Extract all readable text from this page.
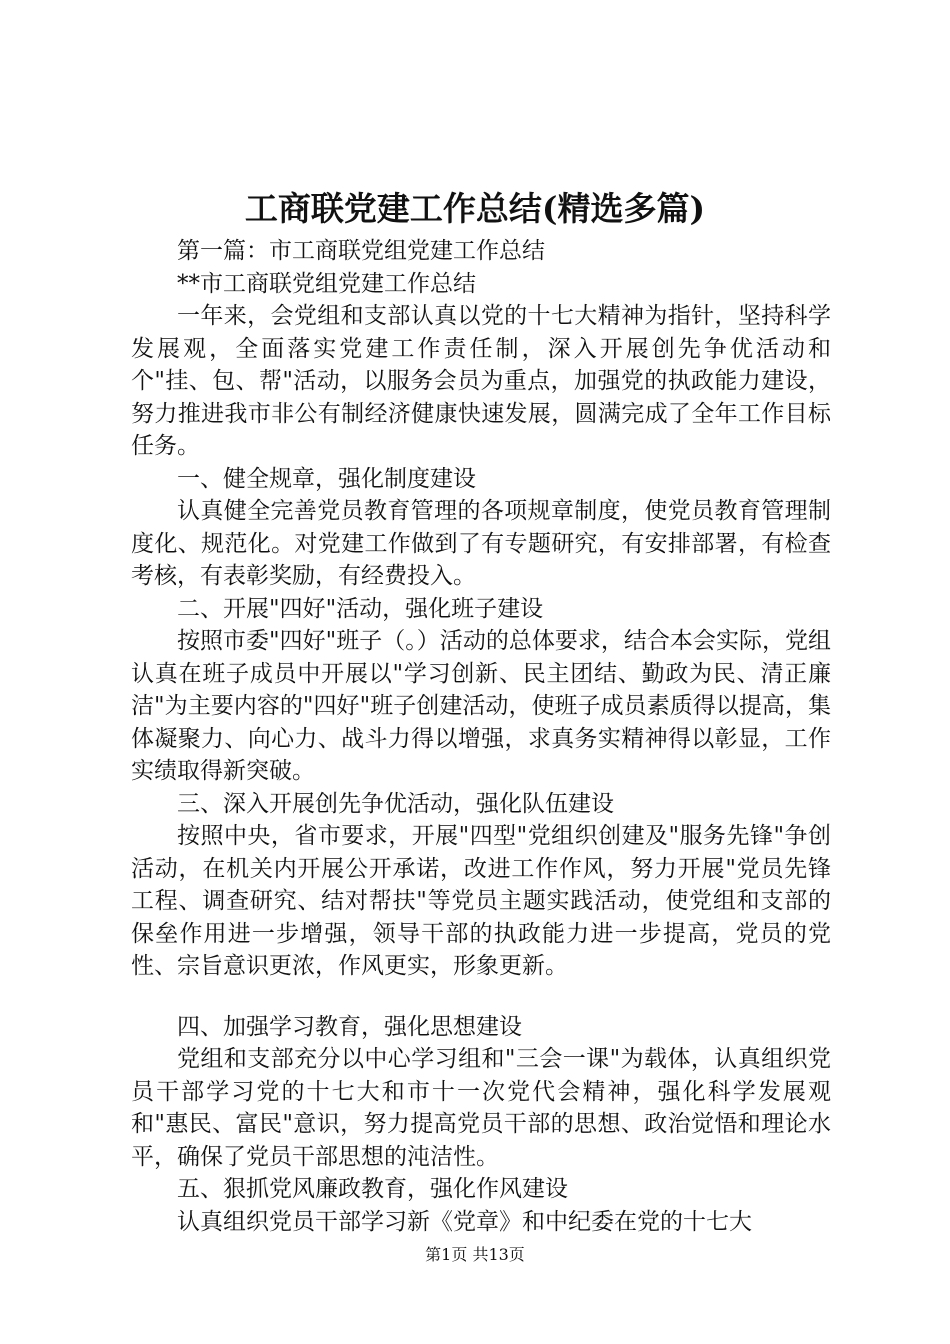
工商联党建工作总结(精选多篇)

第一篇：市工商联党组党建工作总结

**市工商联党组党建工作总结

一年来，会党组和支部认真以党的十七大精神为指针，坚持科学发展观，全面落实党建工作责任制，深入开展创先争优活动和个"挂、包、帮"活动，以服务会员为重点，加强党的执政能力建设，努力推进我市非公有制经济健康快速发展，圆满完成了全年工作目标任务。

一、健全规章，强化制度建设

认真健全完善党员教育管理的各项规章制度，使党员教育管理制度化、规范化。对党建工作做到了有专题研究，有安排部署，有检查考核，有表彰奖励，有经费投入。

二、开展"四好"活动，强化班子建设

按照市委"四好"班子（。）活动的总体要求，结合本会实际，党组认真在班子成员中开展以"学习创新、民主团结、勤政为民、清正廉洁"为主要内容的"四好"班子创建活动，使班子成员素质得以提高，集体凝聚力、向心力、战斗力得以增强，求真务实精神得以彰显，工作实绩取得新突破。

三、深入开展创先争优活动，强化队伍建设

按照中央，省市要求，开展"四型"党组织创建及"服务先锋"争创活动，在机关内开展公开承诺，改进工作作风，努力开展"党员先锋工程、调查研究、结对帮扶"等党员主题实践活动，使党组和支部的保垒作用进一步增强，领导干部的执政能力进一步提高，党员的党性、宗旨意识更浓，作风更实，形象更新。

四、加强学习教育，强化思想建设

党组和支部充分以中心学习组和"三会一课"为载体，认真组织党员干部学习党的十七大和市十一次党代会精神，强化科学发展观和"惠民、富民"意识，努力提高党员干部的思想、政治觉悟和理论水平，确保了党员干部思想的沌洁性。

五、狠抓党风廉政教育，强化作风建设

认真组织党员干部学习新《党章》和中纪委在党的十七大

第1页 共13页
